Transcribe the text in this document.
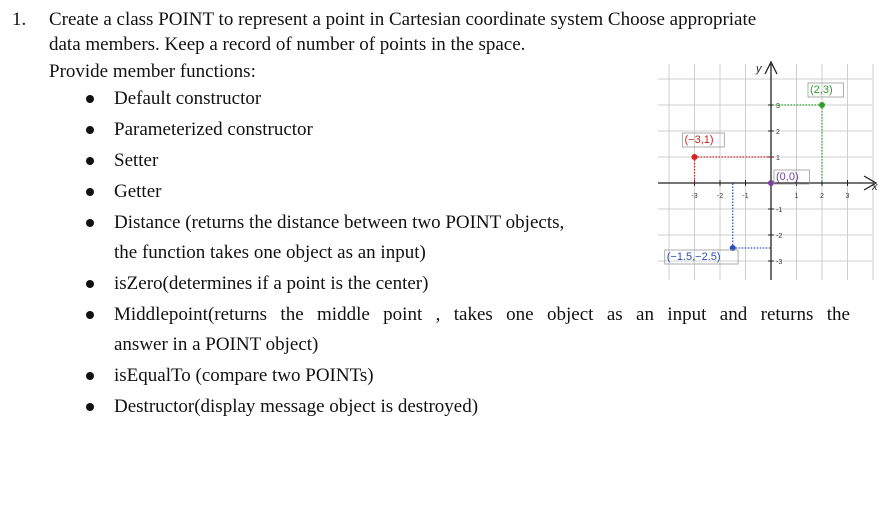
1. Create a class POINT to represent a point in Cartesian coordinate system Choose appropriate
data members. Keep a record of number of points in the space.
Provide member functions:
Default constructor
Parameterized constructor
Setter
Getter
Distance (returns the distance between two POINT objects,
the function takes one object as an input)
isZero(determines if a point is the center)
Middlepoint(returns the middle point , takes one object as an input and returns the
answer in a POINT object)
isEqualTo (compare two POINTs)
Destructor(display message object is destroyed)
x
y
-3	-2	-1	1	2	3
3
2
1
-1
-2
-3
(2,3)
(−3,1)
(0,0)
(−1.5,−2.5)
